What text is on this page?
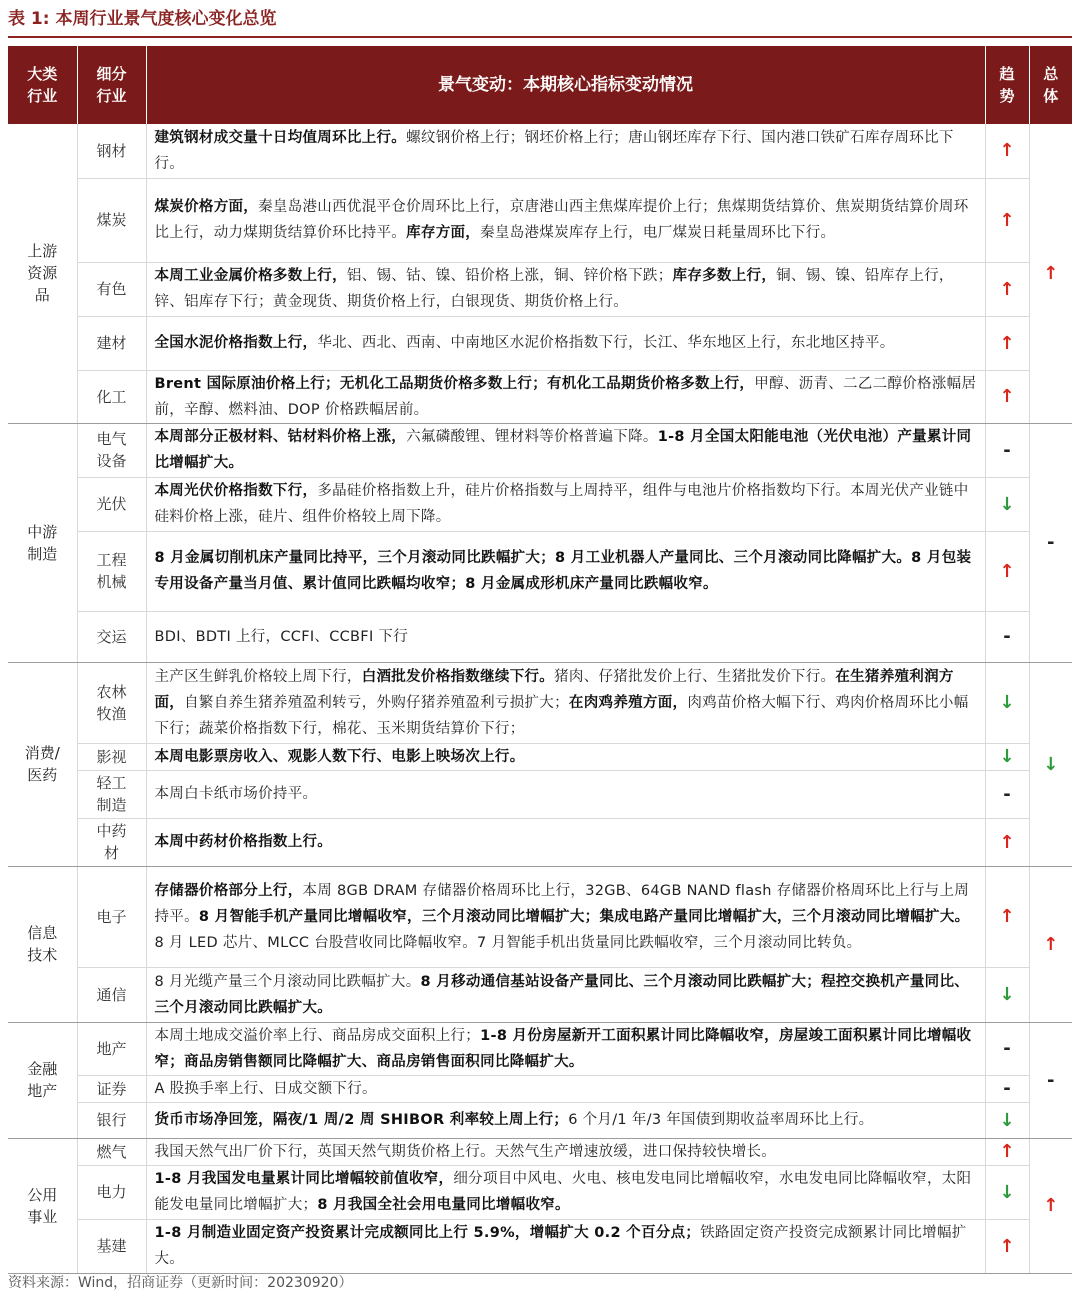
表 1: 本周行业景气度核心变化总览
大类
行业	细分
行业	景气变动：本期核心指标变动情况	趋
势	总
体
上游
资源
品	钢材	建筑钢材成交量十日均值周环比上行。螺纹钢价格上行；钢坯价格上行；唐山钢坯库存下行、国内港口铁矿石库存周环比下行。	↑	↑
	煤炭	煤炭价格方面，秦皇岛港山西优混平仓价周环比上行，京唐港山西主焦煤库提价上行；焦煤期货结算价、焦炭期货结算价周环比上行，动力煤期货结算价环比持平。库存方面，秦皇岛港煤炭库存上行，电厂煤炭日耗量周环比下行。	↑	
	有色	本周工业金属价格多数上行，铝、锡、钴、镍、铅价格上涨，铜、锌价格下跌；库存多数上行，铜、锡、镍、铅库存上行，锌、铝库存下行；黄金现货、期货价格上行，白银现货、期货价格上行。	↑	
	建材	全国水泥价格指数上行，华北、西北、西南、中南地区水泥价格指数下行，长江、华东地区上行，东北地区持平。	↑	
	化工	Brent 国际原油价格上行；无机化工品期货价格多数上行；有机化工品期货价格多数上行，甲醇、沥青、二乙二醇价格涨幅居前，辛醇、燃料油、DOP 价格跌幅居前。	↑	
中游
制造	电气
设备	本周部分正极材料、钴材料价格上涨，六氟磷酸锂、锂材料等价格普遍下降。1-8 月全国太阳能电池（光伏电池）产量累计同比增幅扩大。	-	-
	光伏	本周光伏价格指数下行，多晶硅价格指数上升，硅片价格指数与上周持平，组件与电池片价格指数均下行。本周光伏产业链中硅料价格上涨，硅片、组件价格较上周下降。	↓	
	工程
机械	8 月金属切削机床产量同比持平，三个月滚动同比跌幅扩大；8 月工业机器人产量同比、三个月滚动同比降幅扩大。8 月包装专用设备产量当月值、累计值同比跌幅均收窄；8 月金属成形机床产量同比跌幅收窄。	↑	
	交运	BDI、BDTI 上行，CCFI、CCBFI 下行	-	
消费/
医药	农林
牧渔	主产区生鲜乳价格较上周下行，白酒批发价格指数继续下行。猪肉、仔猪批发价上行、生猪批发价下行。在生猪养殖利润方面，自繁自养生猪养殖盈利转亏，外购仔猪养殖盈利亏损扩大；在肉鸡养殖方面，肉鸡苗价格大幅下行、鸡肉价格周环比小幅下行；蔬菜价格指数下行，棉花、玉米期货结算价下行；	↓	↓
	影视	本周电影票房收入、观影人数下行、电影上映场次上行。	↓	
	轻工
制造	本周白卡纸市场价持平。	-	
	中药
材	本周中药材价格指数上行。	↑	
信息
技术	电子	存储器价格部分上行，本周 8GB DRAM 存储器价格周环比上行，32GB、64GB NAND flash 存储器价格周环比上行与上周持平。8 月智能手机产量同比增幅收窄，三个月滚动同比增幅扩大；集成电路产量同比增幅扩大，三个月滚动同比增幅扩大。8 月 LED 芯片、MLCC 台股营收同比降幅收窄。7 月智能手机出货量同比跌幅收窄，三个月滚动同比转负。	↑	↑
	通信	8 月光缆产量三个月滚动同比跌幅扩大。8 月移动通信基站设备产量同比、三个月滚动同比跌幅扩大；程控交换机产量同比、三个月滚动同比跌幅扩大。	↓	
金融
地产	地产	本周土地成交溢价率上行、商品房成交面积上行；1-8 月份房屋新开工面积累计同比降幅收窄，房屋竣工面积累计同比增幅收窄；商品房销售额同比降幅扩大、商品房销售面积同比降幅扩大。	-	-
	证券	A 股换手率上行、日成交额下行。	-	
	银行	货币市场净回笼，隔夜/1 周/2 周 SHIBOR 利率较上周上行；6 个月/1 年/3 年国债到期收益率周环比上行。	↓	
公用
事业	燃气	我国天然气出厂价下行，英国天然气期货价格上行。天然气生产增速放缓，进口保持较快增长。	↑	↑
	电力	1-8 月我国发电量累计同比增幅较前值收窄，细分项目中风电、火电、核电发电同比增幅收窄，水电发电同比降幅收窄，太阳能发电量同比增幅扩大；8 月我国全社会用电量同比增幅收窄。	↓	
	基建	1-8 月制造业固定资产投资累计完成额同比上行 5.9%，增幅扩大 0.2 个百分点；铁路固定资产投资完成额累计同比增幅扩大。	↑	
资料来源：Wind，招商证券（更新时间：20230920）
